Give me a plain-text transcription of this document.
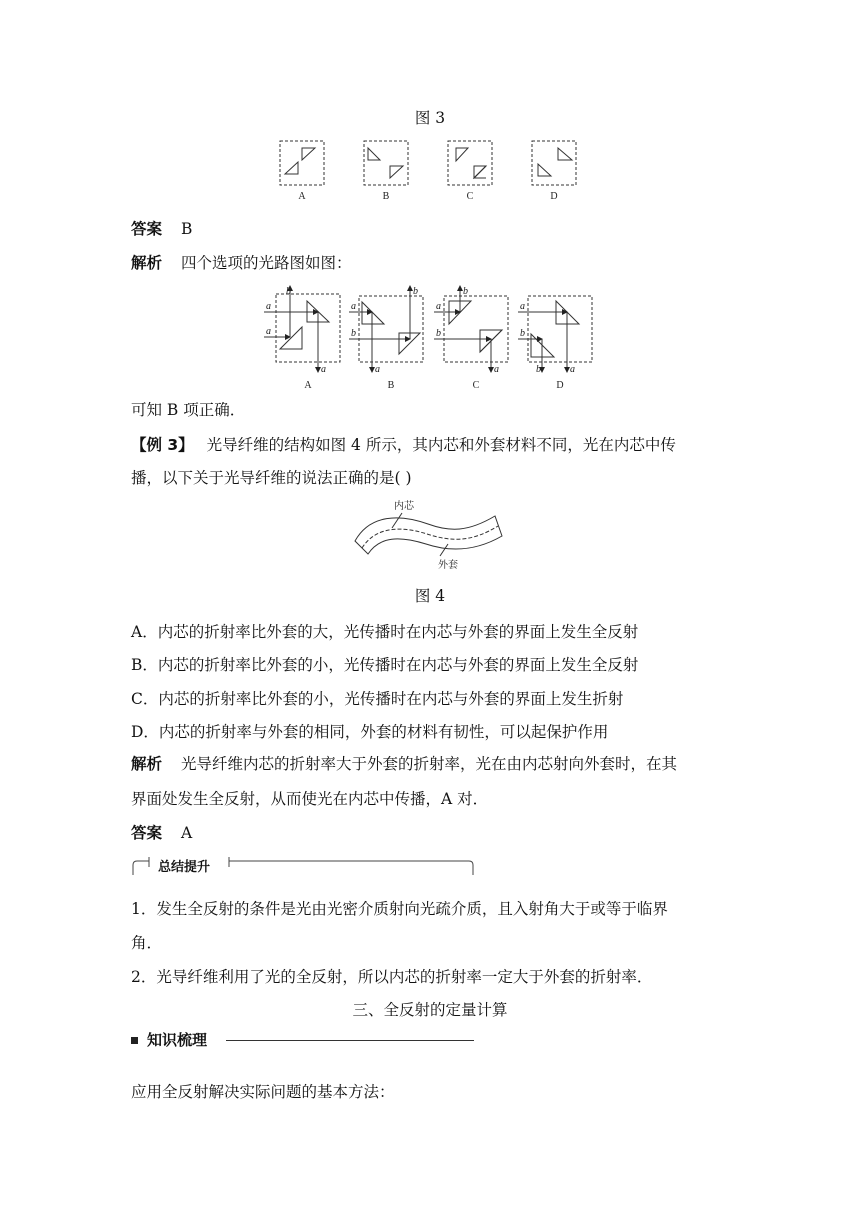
图 3
A	B	C	D
答案 B
解析 四个选项的光路图如图：
a
a
b
a
a
b
b
a
a
b
b
a
a
b
b	a
A	B	C	D
可知 B 项正确．
【例 3】 光导纤维的结构如图 4 所示，其内芯和外套材料不同，光在内芯中传
播，以下关于光导纤维的说法正确的是( )
内芯
外套
图 4
A．内芯的折射率比外套的大，光传播时在内芯与外套的界面上发生全反射
B．内芯的折射率比外套的小，光传播时在内芯与外套的界面上发生全反射
C．内芯的折射率比外套的小，光传播时在内芯与外套的界面上发生折射
D．内芯的折射率与外套的相同，外套的材料有韧性，可以起保护作用
解析 光导纤维内芯的折射率大于外套的折射率，光在由内芯射向外套时，在其
界面处发生全反射，从而使光在内芯中传播，A 对．
答案 A
总结提升
1．发生全反射的条件是光由光密介质射向光疏介质，且入射角大于或等于临界
角．
2．光导纤维利用了光的全反射，所以内芯的折射率一定大于外套的折射率．
三、全反射的定量计算
知识梳理
应用全反射解决实际问题的基本方法：
